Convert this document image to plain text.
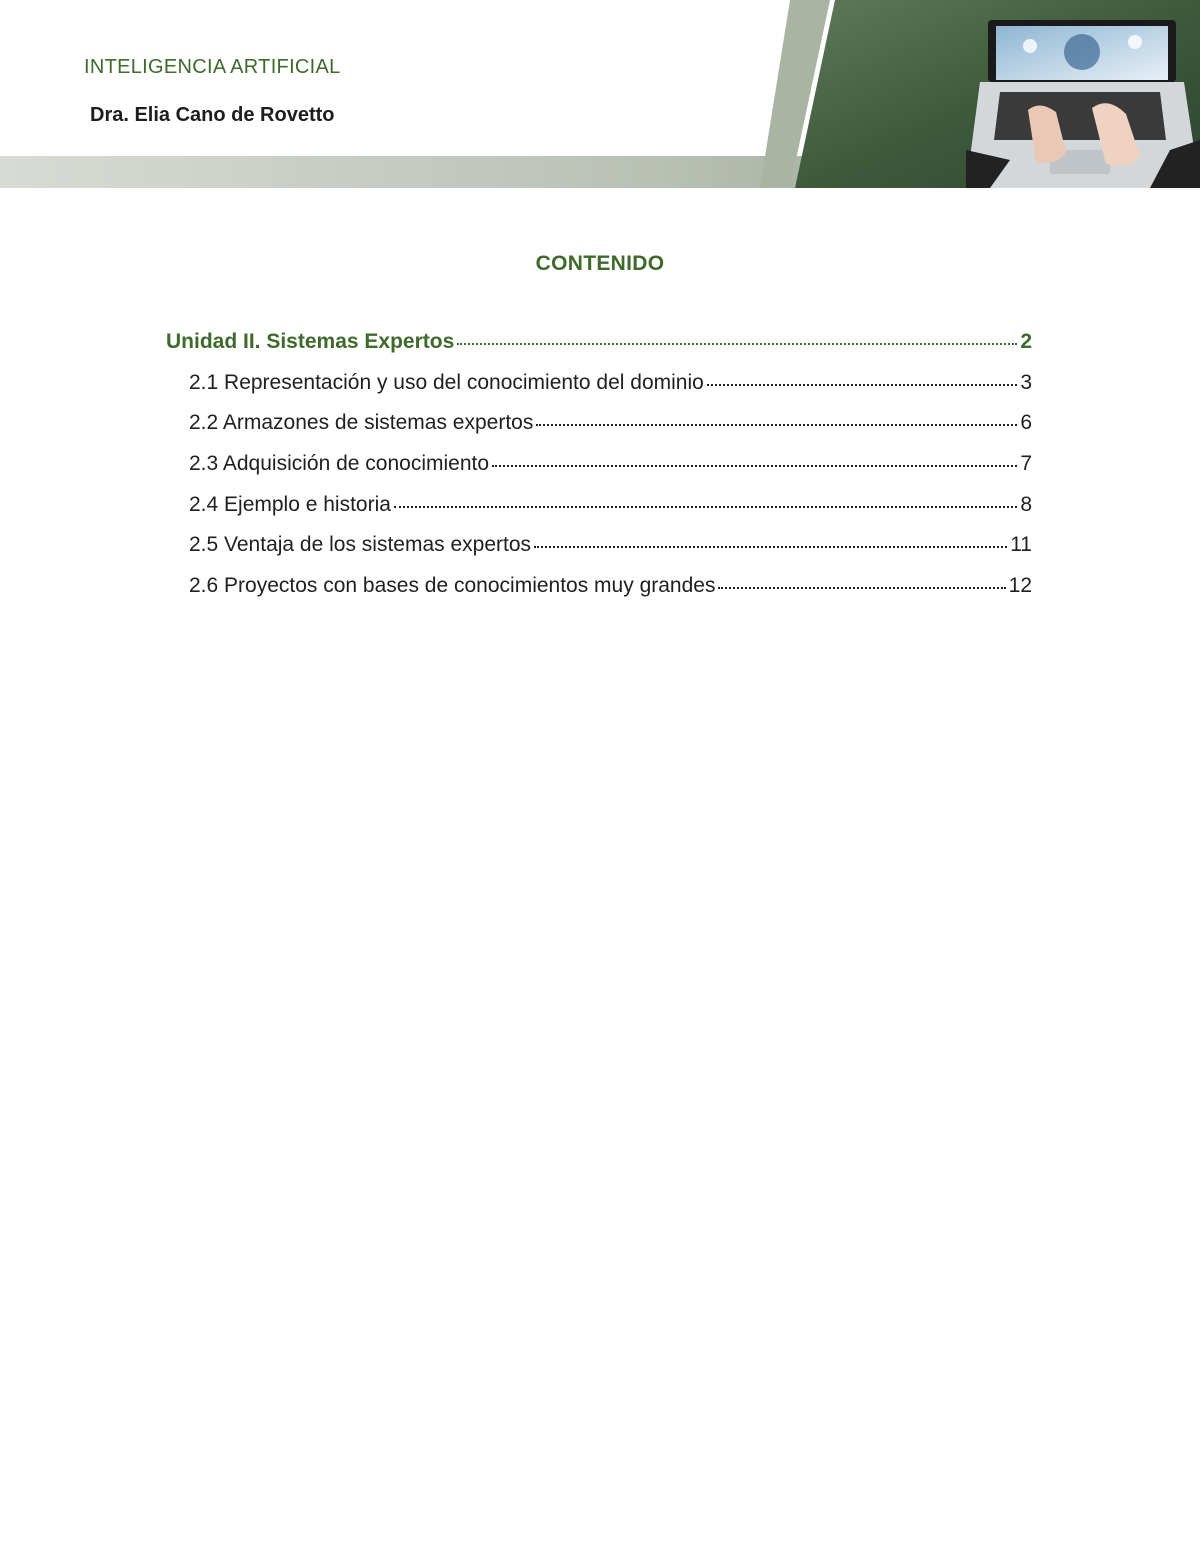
INTELIGENCIA ARTIFICIAL
Dra. Elia Cano de Rovetto
CONTENIDO
Unidad II. Sistemas Expertos	2
2.1 Representación y uso del conocimiento del dominio	3
2.2 Armazones de sistemas expertos	6
2.3 Adquisición de conocimiento	7
2.4 Ejemplo e historia	8
2.5 Ventaja de los sistemas expertos	11
2.6 Proyectos con bases de conocimientos muy grandes	12
